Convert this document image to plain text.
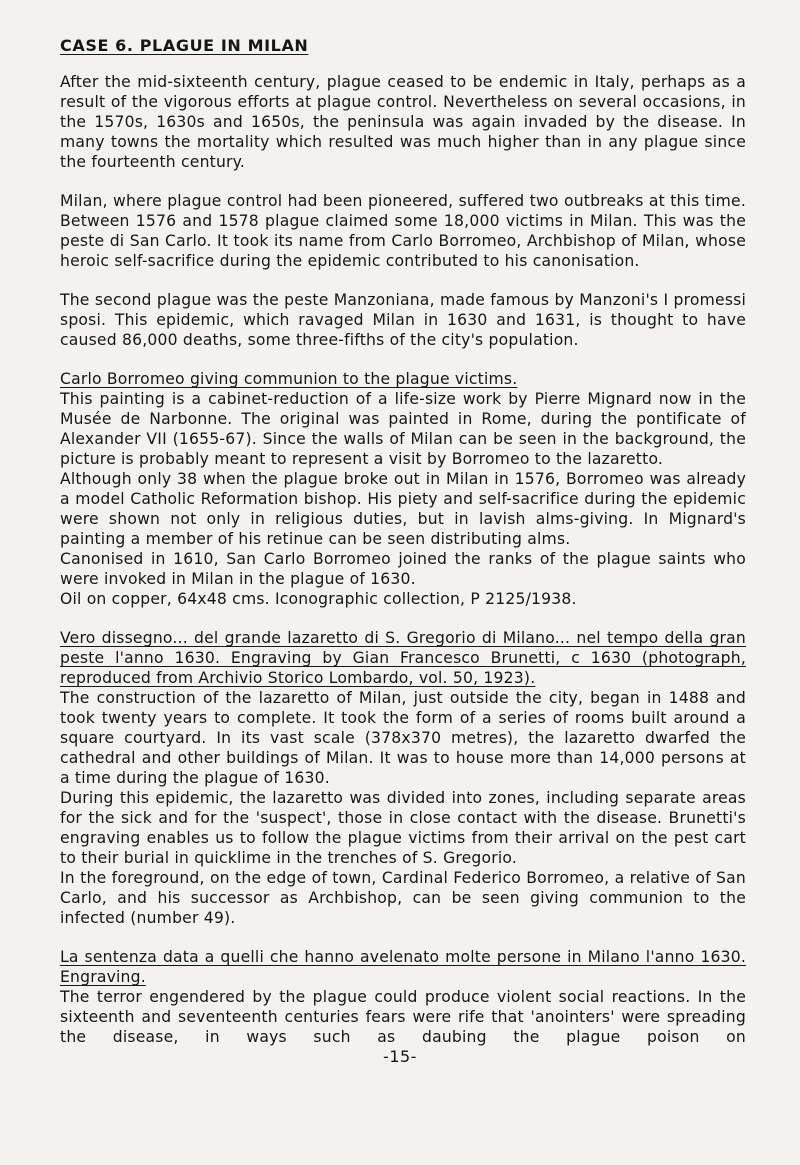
CASE 6. PLAGUE IN MILAN

After the mid-sixteenth century, plague ceased to be endemic in Italy, perhaps as a result of the vigorous efforts at plague control. Nevertheless on several occasions, in the 1570s, 1630s and 1650s, the peninsula was again invaded by the disease. In many towns the mortality which resulted was much higher than in any plague since the fourteenth century.

Milan, where plague control had been pioneered, suffered two outbreaks at this time. Between 1576 and 1578 plague claimed some 18,000 victims in Milan. This was the peste di San Carlo. It took its name from Carlo Borromeo, Archbishop of Milan, whose heroic self-sacrifice during the epidemic contributed to his canonisation.

The second plague was the peste Manzoniana, made famous by Manzoni's I promessi sposi. This epidemic, which ravaged Milan in 1630 and 1631, is thought to have caused 86,000 deaths, some three-fifths of the city's population.

Carlo Borromeo giving communion to the plague victims.
This painting is a cabinet-reduction of a life-size work by Pierre Mignard now in the Musée de Narbonne. The original was painted in Rome, during the pontificate of Alexander VII (1655-67). Since the walls of Milan can be seen in the background, the picture is probably meant to represent a visit by Borromeo to the lazaretto.
Although only 38 when the plague broke out in Milan in 1576, Borromeo was already a model Catholic Reformation bishop. His piety and self-sacrifice during the epidemic were shown not only in religious duties, but in lavish alms-giving. In Mignard's painting a member of his retinue can be seen distributing alms.
Canonised in 1610, San Carlo Borromeo joined the ranks of the plague saints who were invoked in Milan in the plague of 1630.
Oil on copper, 64x48 cms. Iconographic collection, P 2125/1938.
Vero dissegno... del grande lazaretto di S. Gregorio di Milano... nel tempo della gran peste l'anno 1630. Engraving by Gian Francesco Brunetti, c 1630 (photograph, reproduced from Archivio Storico Lombardo, vol. 50, 1923).
The construction of the lazaretto of Milan, just outside the city, began in 1488 and took twenty years to complete. It took the form of a series of rooms built around a square courtyard. In its vast scale (378x370 metres), the lazaretto dwarfed the cathedral and other buildings of Milan. It was to house more than 14,000 persons at a time during the plague of 1630.
During this epidemic, the lazaretto was divided into zones, including separate areas for the sick and for the 'suspect', those in close contact with the disease. Brunetti's engraving enables us to follow the plague victims from their arrival on the pest cart to their burial in quicklime in the trenches of S. Gregorio.
In the foreground, on the edge of town, Cardinal Federico Borromeo, a relative of San Carlo, and his successor as Archbishop, can be seen giving communion to the infected (number 49).
La sentenza data a quelli che hanno avelenato molte persone in Milano l'anno 1630. Engraving.
The terror engendered by the plague could produce violent social reactions. In the sixteenth and seventeenth centuries fears were rife that 'anointers' were spreading the disease, in ways such as daubing the plague poison on
-15-
